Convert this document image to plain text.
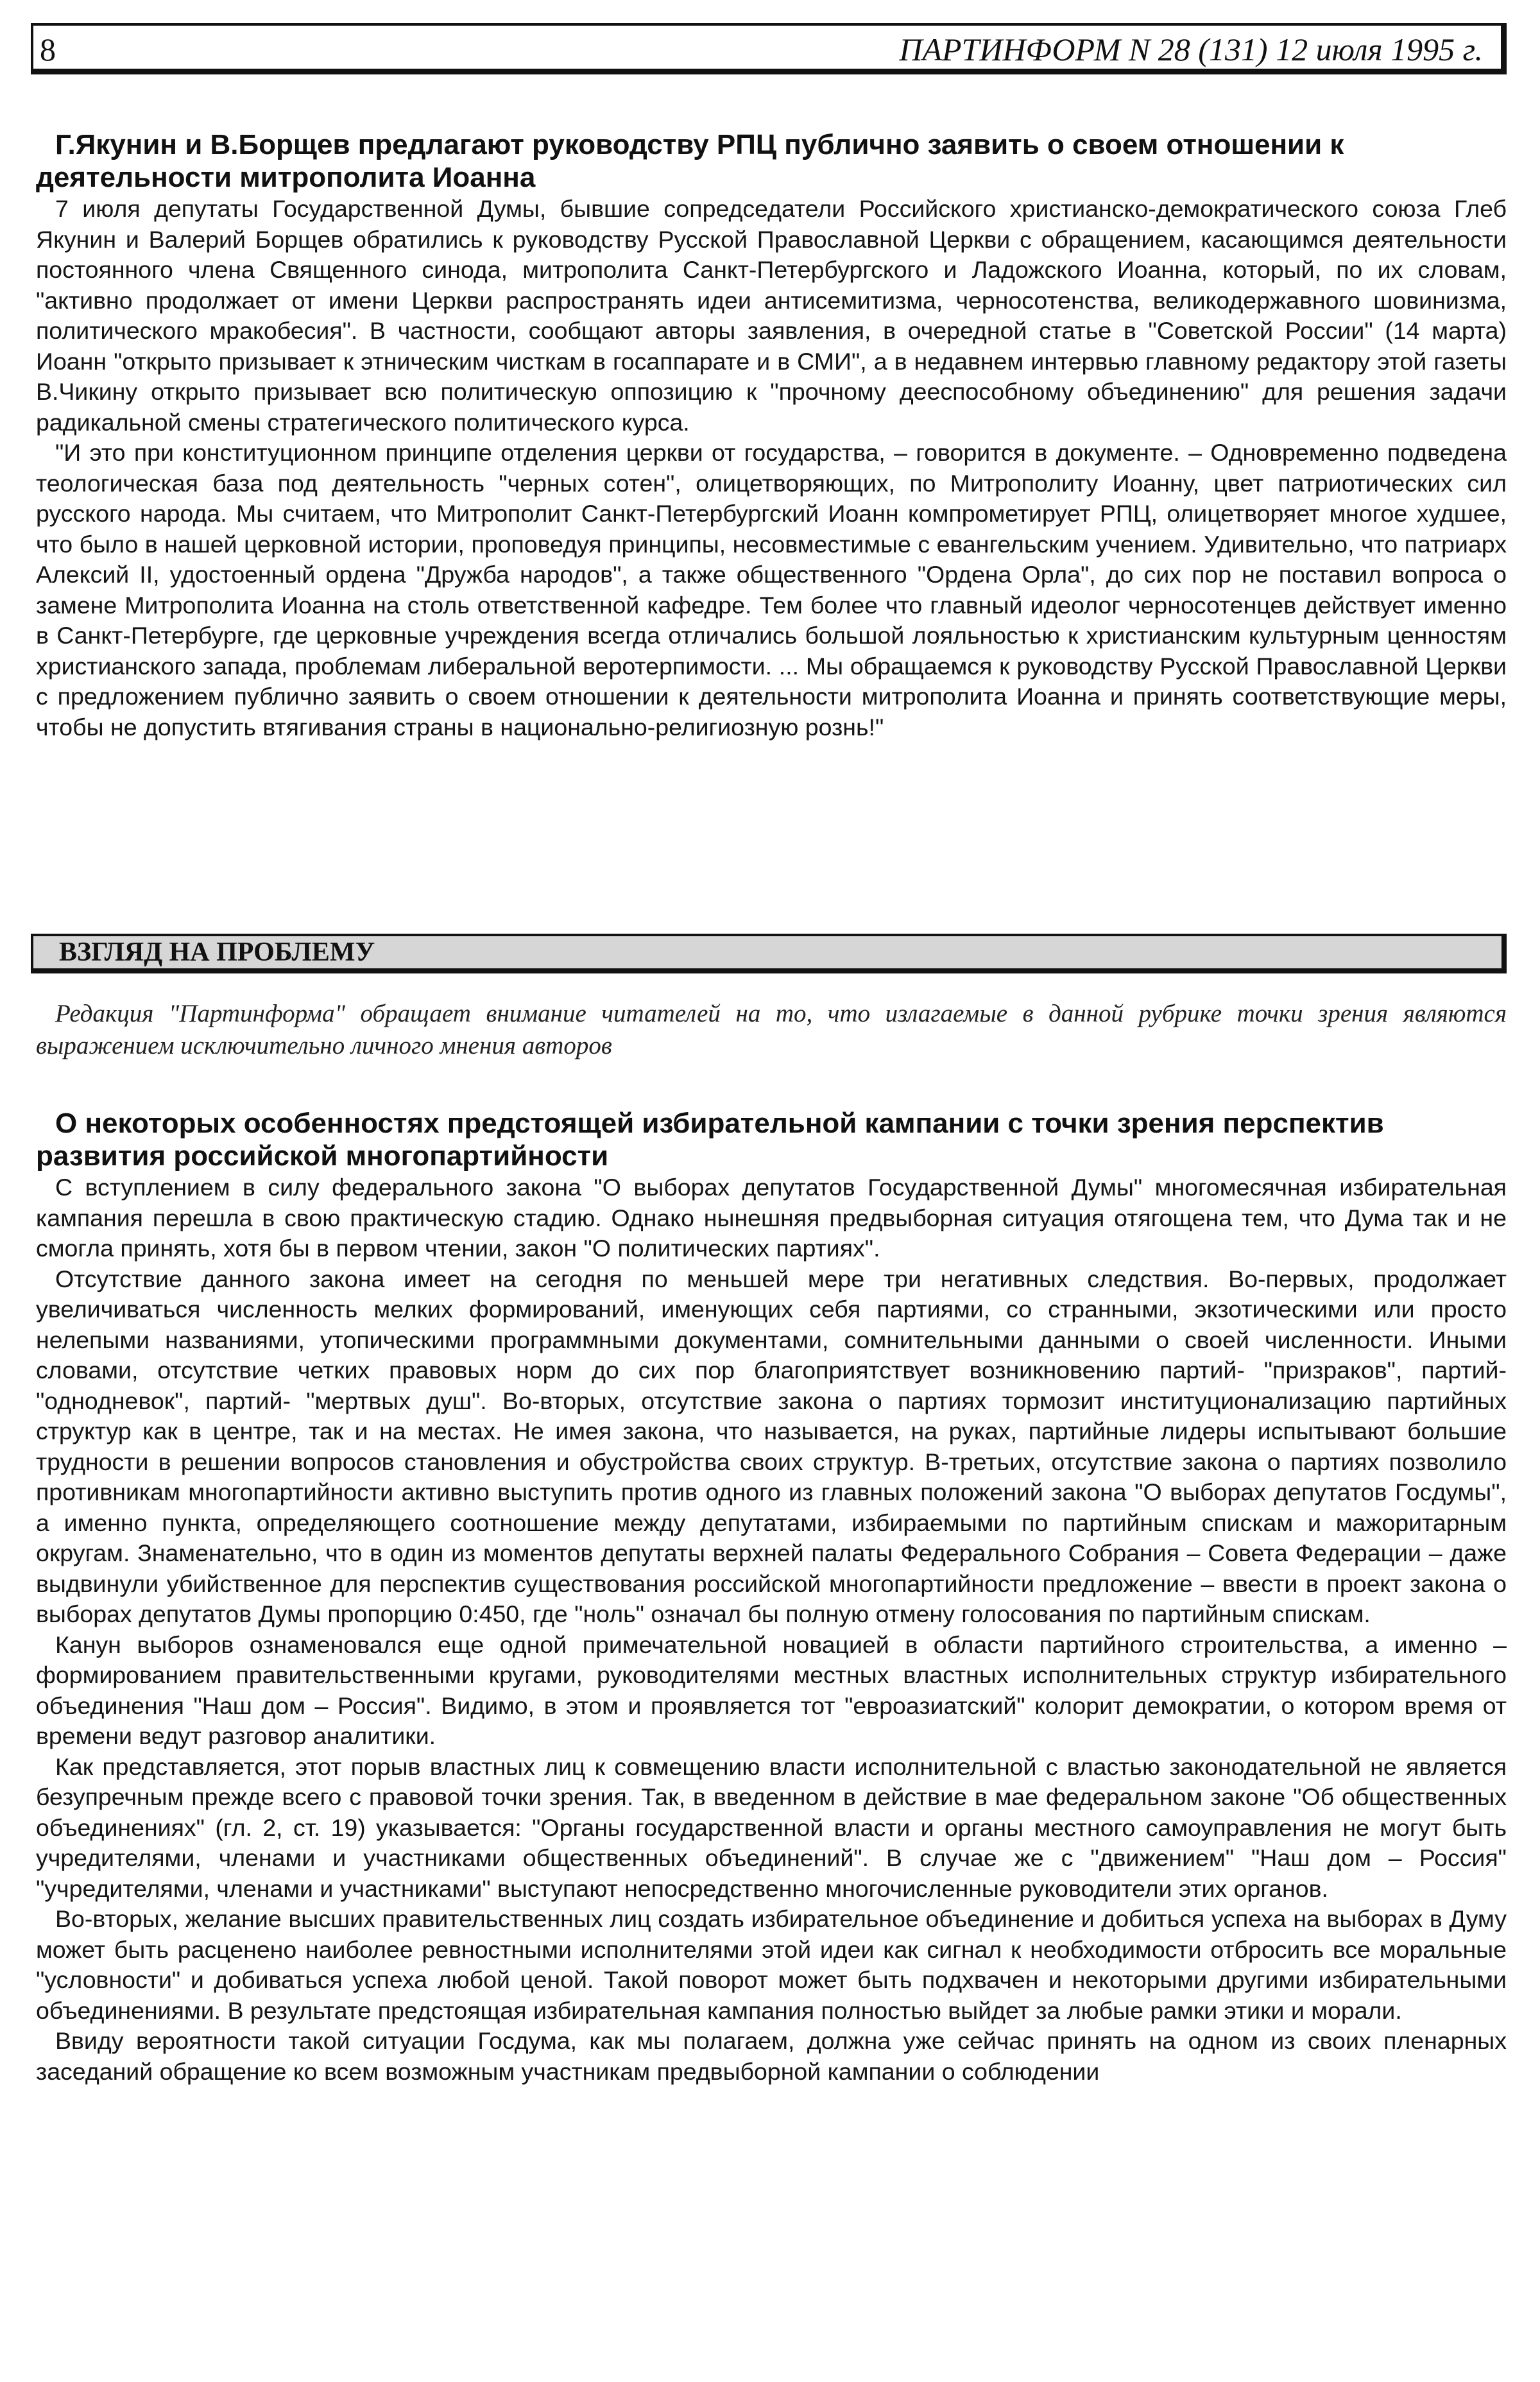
8	ПАРТИНФОРМ N 28 (131) 12 июля 1995 г.
Г.Якунин и В.Борщев предлагают руководству РПЦ публично заявить о своем отношении к деятельности митрополита Иоанна

7 июля депутаты Государственной Думы, бывшие сопредседатели Российского христианско-демократического союза Глеб Якунин и Валерий Борщев обратились к руководству Русской Православной Церкви с обращением, касающимся деятельности постоянного члена Священного синода, митрополита Санкт-Петербургского и Ладожского Иоанна, который, по их словам, "активно продолжает от имени Церкви распространять идеи антисемитизма, черносотенства, великодержавного шовинизма, политического мракобесия". В частности, сообщают авторы заявления, в очередной статье в "Советской России" (14 марта) Иоанн "открыто призывает к этническим чисткам в госаппарате и в СМИ", а в недавнем интервью главному редактору этой газеты В.Чикину открыто призывает всю политическую оппозицию к "прочному дееспособному объединению" для решения задачи радикальной смены стратегического политического курса.

"И это при конституционном принципе отделения церкви от государства, – говорится в документе. – Одновременно подведена теологическая база под деятельность "черных сотен", олицетворяющих, по Митрополиту Иоанну, цвет патриотических сил русского народа. Мы считаем, что Митрополит Санкт-Петербургский Иоанн компрометирует РПЦ, олицетворяет многое худшее, что было в нашей церковной истории, проповедуя принципы, несовместимые с евангельским учением. Удивительно, что патриарх Алексий II, удостоенный ордена "Дружба народов", а также общественного "Ордена Орла", до сих пор не поставил вопроса о замене Митрополита Иоанна на столь ответственной кафедре. Тем более что главный идеолог черносотенцев действует именно в Санкт-Петербурге, где церковные учреждения всегда отличались большой лояльностью к христианским культурным ценностям христианского запада, проблемам либеральной веротерпимости. ... Мы обращаемся к руководству Русской Православной Церкви с предложением публично заявить о своем отношении к деятельности митрополита Иоанна и принять соответствующие меры, чтобы не допустить втягивания страны в национально-религиозную рознь!"

ВЗГЛЯД НА ПРОБЛЕМУ

Редакция "Партинформа" обращает внимание читателей на то, что излагаемые в данной рубрике точки зрения являются выражением исключительно личного мнения авторов

О некоторых особенностях предстоящей избирательной кампании с точки зрения перспектив развития российской многопартийности

С вступлением в силу федерального закона "О выборах депутатов Государственной Думы" многомесячная избирательная кампания перешла в свою практическую стадию. Однако нынешняя предвыборная ситуация отягощена тем, что Дума так и не смогла принять, хотя бы в первом чтении, закон "О политических партиях".

Отсутствие данного закона имеет на сегодня по меньшей мере три негативных следствия. Во-первых, продолжает увеличиваться численность мелких формирований, именующих себя партиями, со странными, экзотическими или просто нелепыми названиями, утопическими программными документами, сомнительными данными о своей численности. Иными словами, отсутствие четких правовых норм до сих пор благоприятствует возникновению партий- "призраков", партий-"однодневок", партий- "мертвых душ". Во-вторых, отсутствие закона о партиях тормозит институционализацию партийных структур как в центре, так и на местах. Не имея закона, что называется, на руках, партийные лидеры испытывают большие трудности в решении вопросов становления и обустройства своих структур. В-третьих, отсутствие закона о партиях позволило противникам многопартийности активно выступить против одного из главных положений закона "О выборах депутатов Госдумы", а именно пункта, определяющего соотношение между депутатами, избираемыми по партийным спискам и мажоритарным округам. Знаменательно, что в один из моментов депутаты верхней палаты Федерального Собрания – Совета Федерации – даже выдвинули убийственное для перспектив существования российской многопартийности предложение – ввести в проект закона о выборах депутатов Думы пропорцию 0:450, где "ноль" означал бы полную отмену голосования по партийным спискам.

Канун выборов ознаменовался еще одной примечательной новацией в области партийного строительства, а именно – формированием правительственными кругами, руководителями местных властных исполнительных структур избирательного объединения "Наш дом – Россия". Видимо, в этом и проявляется тот "евроазиатский" колорит демократии, о котором время от времени ведут разговор аналитики.

Как представляется, этот порыв властных лиц к совмещению власти исполнительной с властью законодательной не является безупречным прежде всего с правовой точки зрения. Так, в введенном в действие в мае федеральном законе "Об общественных объединениях" (гл. 2, ст. 19) указывается: "Органы государственной власти и органы местного самоуправления не могут быть учредителями, членами и участниками общественных объединений". В случае же с "движением" "Наш дом – Россия" "учредителями, членами и участниками" выступают непосредственно многочисленные руководители этих органов.

Во-вторых, желание высших правительственных лиц создать избирательное объединение и добиться успеха на выборах в Думу может быть расценено наиболее ревностными исполнителями этой идеи как сигнал к необходимости отбросить все моральные "условности" и добиваться успеха любой ценой. Такой поворот может быть подхвачен и некоторыми другими избирательными объединениями. В результате предстоящая избирательная кампания полностью выйдет за любые рамки этики и морали.

Ввиду вероятности такой ситуации Госдума, как мы полагаем, должна уже сейчас принять на одном из своих пленарных заседаний обращение ко всем возможным участникам предвыборной кампании о соблюдении
